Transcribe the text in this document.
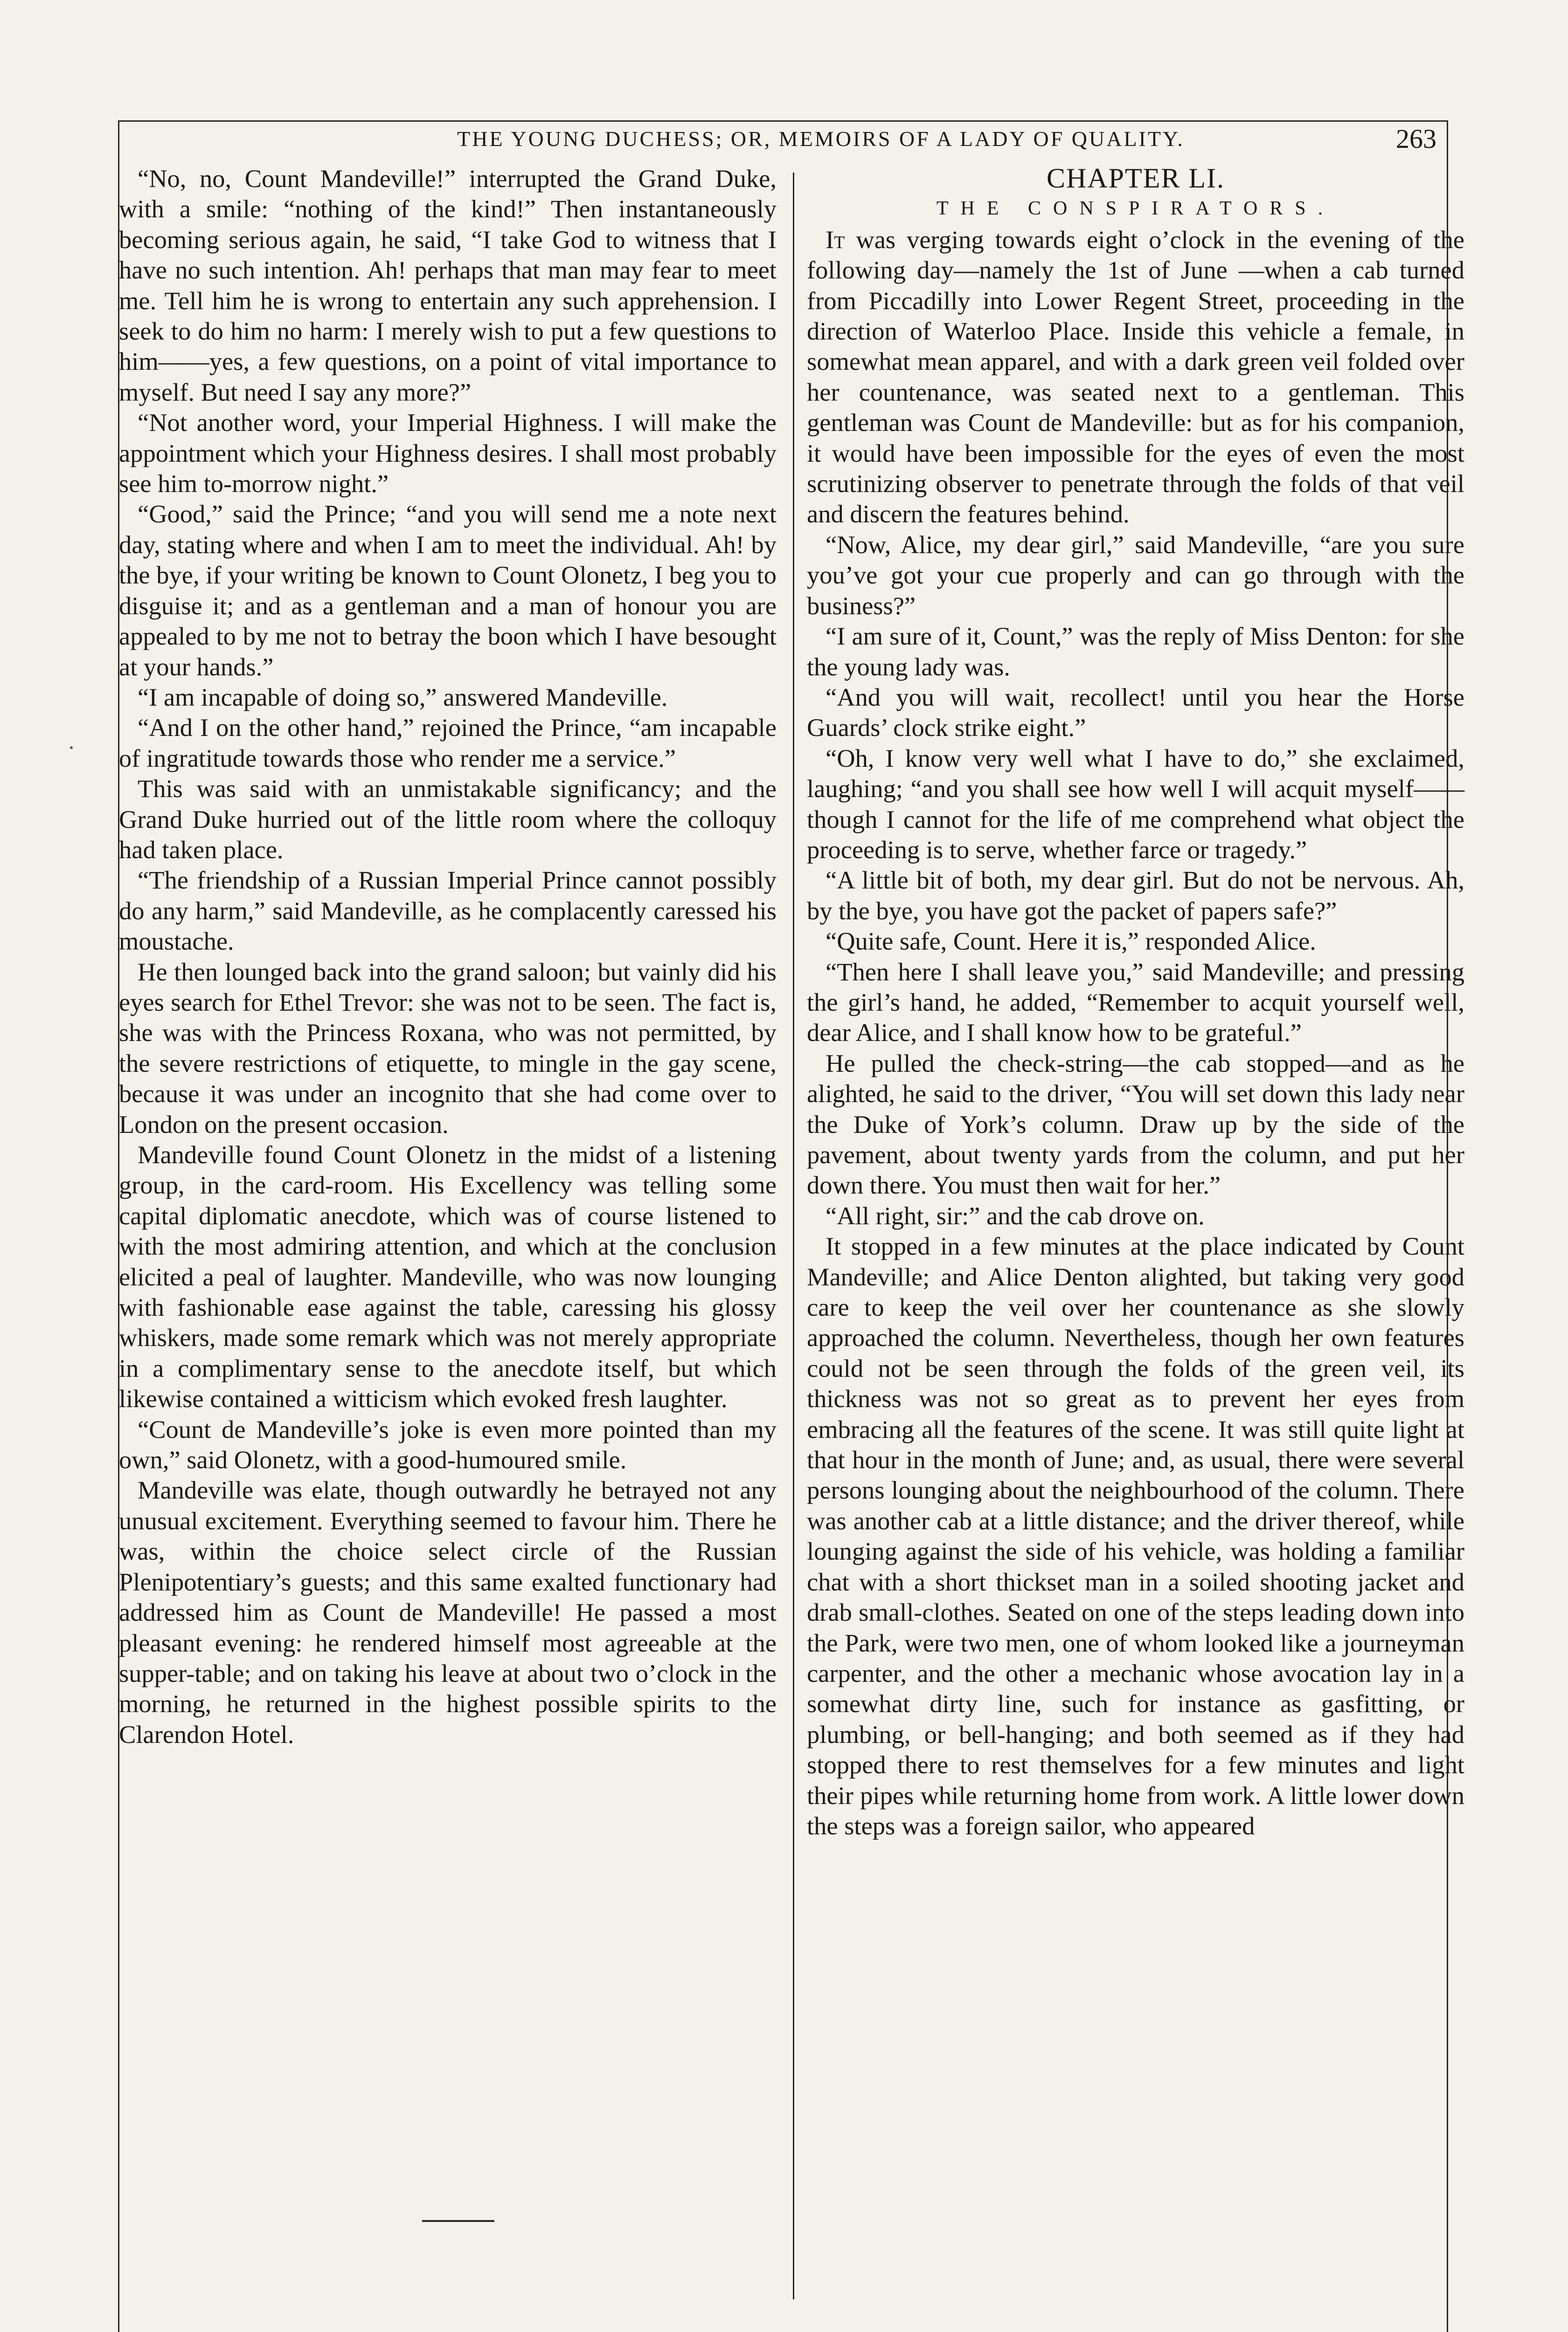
THE YOUNG DUCHESS; OR, MEMOIRS OF A LADY OF QUALITY.	263

“No, no, Count Mandeville!” interrupted the Grand Duke, with a smile: “nothing of the kind!” Then instantaneously becoming serious again, he said, “I take God to witness that I have no such intention. Ah! perhaps that man may fear to meet me. Tell him he is wrong to entertain any such apprehension. I seek to do him no harm: I merely wish to put a few questions to him——yes, a few questions, on a point of vital importance to myself. But need I say any more?”

“Not another word, your Imperial Highness. I will make the appointment which your Highness desires. I shall most probably see him to-morrow night.”

“Good,” said the Prince; “and you will send me a note next day, stating where and when I am to meet the individual. Ah! by the bye, if your writing be known to Count Olonetz, I beg you to disguise it; and as a gentleman and a man of honour you are appealed to by me not to betray the boon which I have besought at your hands.”

“I am incapable of doing so,” answered Mandeville.

“And I on the other hand,” rejoined the Prince, “am incapable of ingratitude towards those who render me a service.”

This was said with an unmistakable significancy; and the Grand Duke hurried out of the little room where the colloquy had taken place.

“The friendship of a Russian Imperial Prince cannot possibly do any harm,” said Mandeville, as he complacently caressed his moustache.

He then lounged back into the grand saloon; but vainly did his eyes search for Ethel Trevor: she was not to be seen. The fact is, she was with the Princess Roxana, who was not permitted, by the severe restrictions of etiquette, to mingle in the gay scene, because it was under an incognito that she had come over to London on the present occasion.

Mandeville found Count Olonetz in the midst of a listening group, in the card-room. His Excellency was telling some capital diplomatic anecdote, which was of course listened to with the most admiring attention, and which at the conclusion elicited a peal of laughter. Mandeville, who was now lounging with fashionable ease against the table, caressing his glossy whiskers, made some remark which was not merely appropriate in a complimentary sense to the anecdote itself, but which likewise contained a witticism which evoked fresh laughter.

“Count de Mandeville’s joke is even more pointed than my own,” said Olonetz, with a good-humoured smile.

Mandeville was elate, though outwardly he betrayed not any unusual excitement. Everything seemed to favour him. There he was, within the choice select circle of the Russian Plenipotentiary’s guests; and this same exalted functionary had addressed him as Count de Mandeville! He passed a most pleasant evening: he rendered himself most agreeable at the supper-table; and on taking his leave at about two o’clock in the morning, he returned in the highest possible spirits to the Clarendon Hotel.

CHAPTER LI.

THE CONSPIRATORS.

It was verging towards eight o’clock in the evening of the following day—namely the 1st of June —when a cab turned from Piccadilly into Lower Regent Street, proceeding in the direction of Waterloo Place. Inside this vehicle a female, in somewhat mean apparel, and with a dark green veil folded over her countenance, was seated next to a gentleman. This gentleman was Count de Mandeville: but as for his companion, it would have been impossible for the eyes of even the most scrutinizing observer to penetrate through the folds of that veil and discern the features behind.

“Now, Alice, my dear girl,” said Mandeville, “are you sure you’ve got your cue properly and can go through with the business?”

“I am sure of it, Count,” was the reply of Miss Denton: for she the young lady was.

“And you will wait, recollect! until you hear the Horse Guards’ clock strike eight.”

“Oh, I know very well what I have to do,” she exclaimed, laughing; “and you shall see how well I will acquit myself——though I cannot for the life of me comprehend what object the proceeding is to serve, whether farce or tragedy.”

“A little bit of both, my dear girl. But do not be nervous. Ah, by the bye, you have got the packet of papers safe?”

“Quite safe, Count. Here it is,” responded Alice.

“Then here I shall leave you,” said Mandeville; and pressing the girl’s hand, he added, “Remember to acquit yourself well, dear Alice, and I shall know how to be grateful.”

He pulled the check-string—the cab stopped—and as he alighted, he said to the driver, “You will set down this lady near the Duke of York’s column. Draw up by the side of the pavement, about twenty yards from the column, and put her down there. You must then wait for her.”

“All right, sir:” and the cab drove on.

It stopped in a few minutes at the place indicated by Count Mandeville; and Alice Denton alighted, but taking very good care to keep the veil over her countenance as she slowly approached the column. Nevertheless, though her own features could not be seen through the folds of the green veil, its thickness was not so great as to prevent her eyes from embracing all the features of the scene. It was still quite light at that hour in the month of June; and, as usual, there were several persons lounging about the neighbourhood of the column. There was another cab at a little distance; and the driver thereof, while lounging against the side of his vehicle, was holding a familiar chat with a short thickset man in a soiled shooting jacket and drab small-clothes. Seated on one of the steps leading down into the Park, were two men, one of whom looked like a journeyman carpenter, and the other a mechanic whose avocation lay in a somewhat dirty line, such for instance as gasfitting, or plumbing, or bell-hanging; and both seemed as if they had stopped there to rest themselves for a few minutes and light their pipes while returning home from work. A little lower down the steps was a foreign sailor, who appeared
